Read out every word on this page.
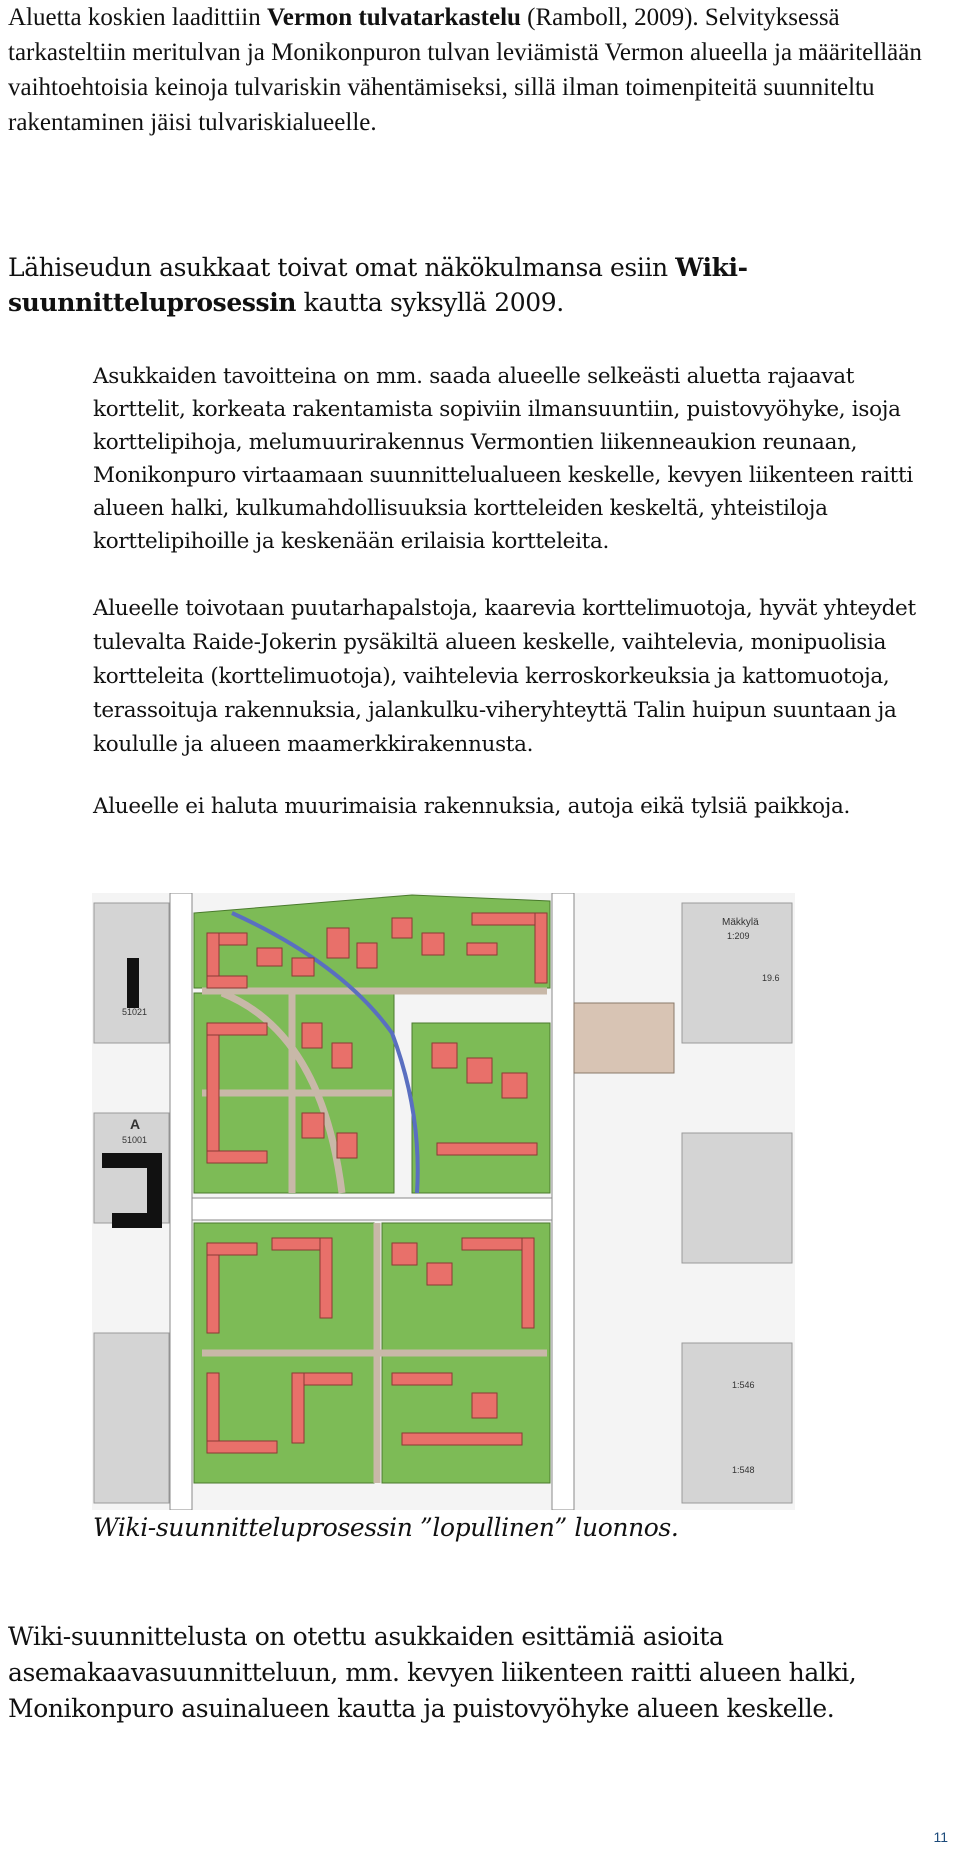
Aluetta koskien laadittiin Vermon tulvatarkastelu (Ramboll, 2009). Selvityksessä tarkasteltiin meritulvan ja Monikonpuron tulvan leviämistä Vermon alueella ja määritellään vaihtoehtoisia keinoja tulvariskin vähentämiseksi, sillä ilman toimenpiteitä suunniteltu rakentaminen jäisi tulvariskialueelle.

Lähiseudun asukkaat toivat omat näkökulmansa esiin Wiki-suunnitteluprosessin kautta syksyllä 2009.

Asukkaiden tavoitteina on mm. saada alueelle selkeästi aluetta rajaavat korttelit, korkeata rakentamista sopiviin ilmansuuntiin, puistovyöhyke, isoja korttelipihoja, melumuurirakennus Vermontien liikenneaukion reunaan, Monikonpuro virtaamaan suunnittelualueen keskelle, kevyen liikenteen raitti alueen halki, kulkumahdollisuuksia kortteleiden keskeltä, yhteistiloja korttelipihoille ja keskenään erilaisia kortteleita.

Alueelle toivotaan puutarhapalstoja, kaarevia korttelimuotoja, hyvät yhteydet tulevalta Raide-Jokerin pysäkiltä alueen keskelle, vaihtelevia, monipuolisia kortteleita (korttelimuotoja), vaihtelevia kerroskorkeuksia ja kattomuotoja, terassoituja rakennuksia, jalankulku-viheryhteyttä Talin huipun suuntaan ja koululle ja alueen maamerkkirakennusta.

Alueelle ei haluta muurimaisia rakennuksia, autoja eikä tylsiä paikkoja.

Mäkkylä
1:209
19.6
51021
A
51001
1:546
1:548

Wiki-suunnitteluprosessin ”lopullinen” luonnos.

Wiki-suunnittelusta on otettu asukkaiden esittämiä asioita asemakaavasuunnitteluun, mm. kevyen liikenteen raitti alueen halki, Monikonpuro asuinalueen kautta ja puistovyöhyke alueen keskelle.

11
